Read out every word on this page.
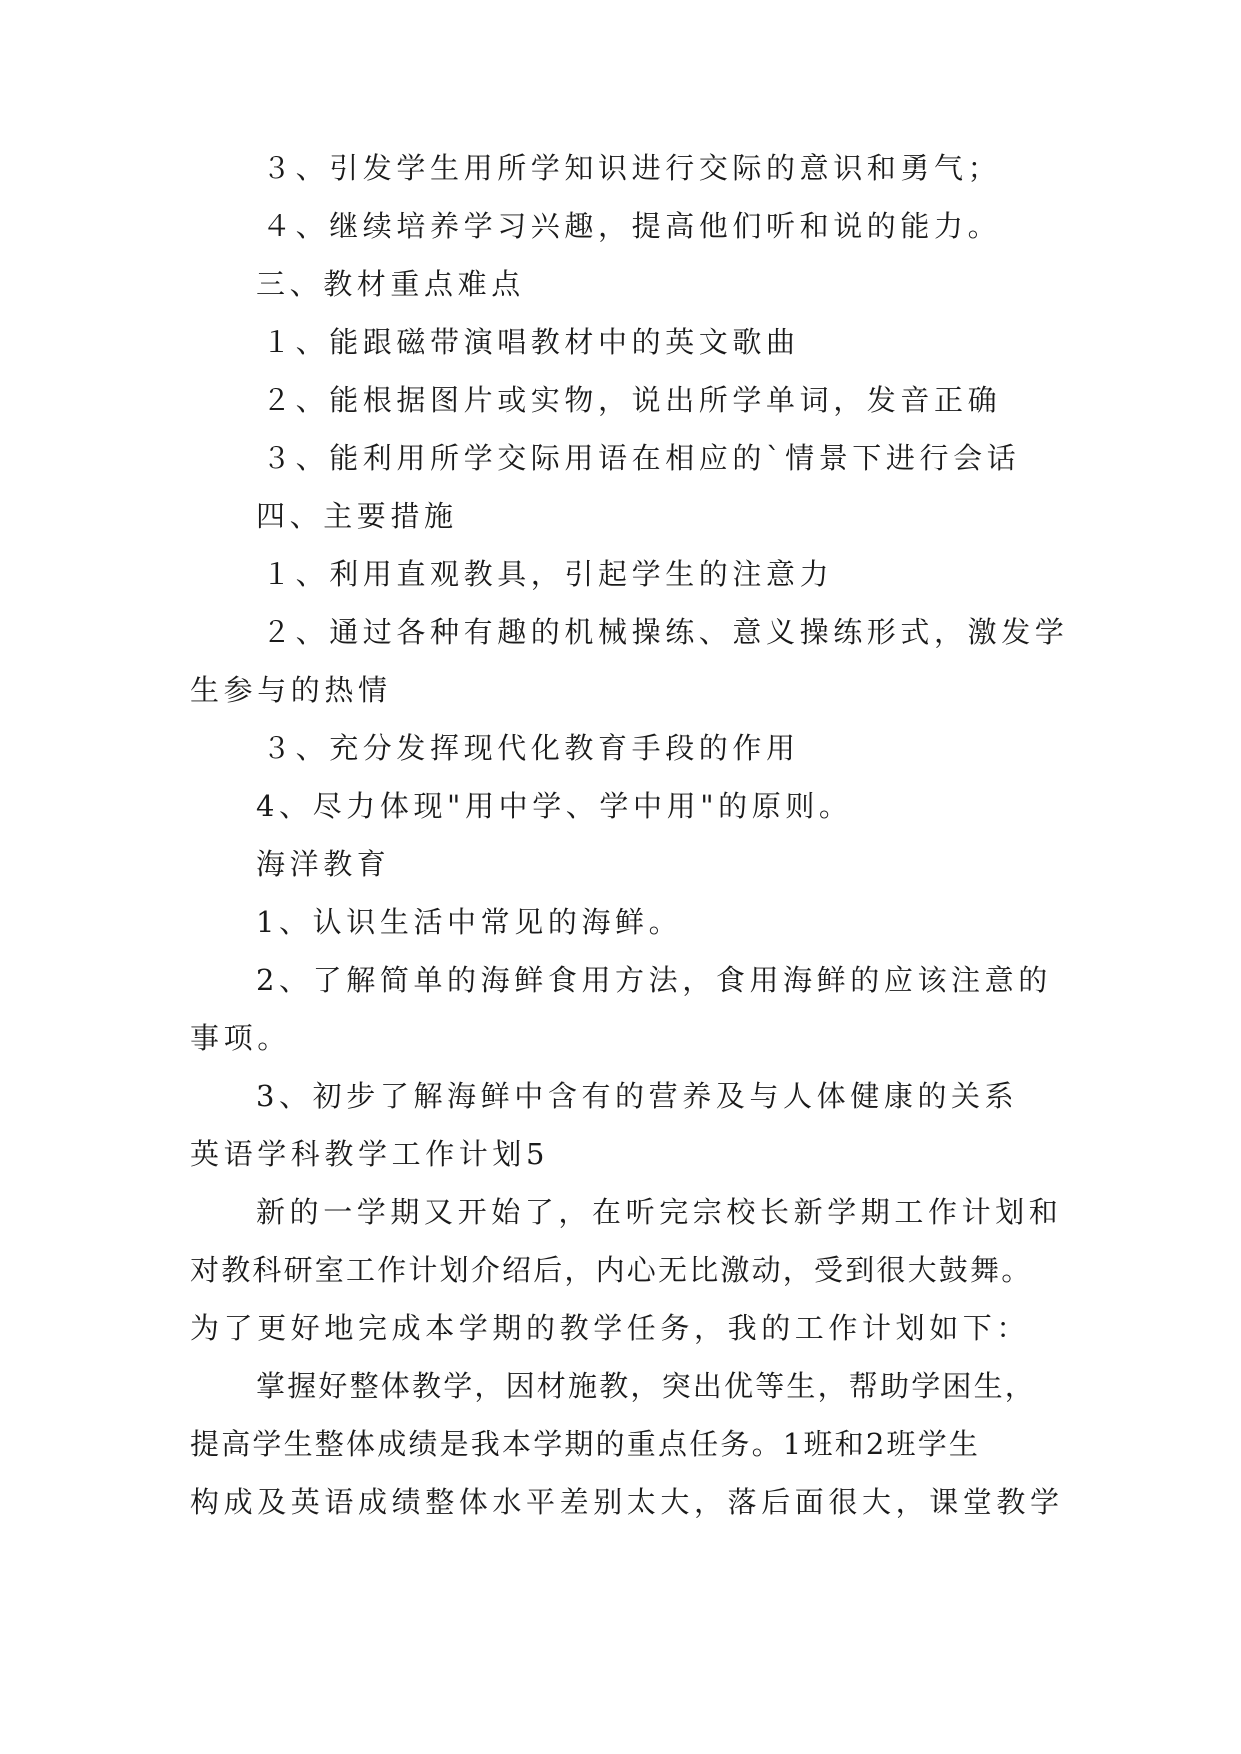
３、引发学生用所学知识进行交际的意识和勇气；
４、继续培养学习兴趣，提高他们听和说的能力。
三、教材重点难点
１、能跟磁带演唱教材中的英文歌曲
２、能根据图片或实物，说出所学单词，发音正确
３、能利用所学交际用语在相应的`情景下进行会话
四、主要措施
１、利用直观教具，引起学生的注意力
２、通过各种有趣的机械操练、意义操练形式，激发学
生参与的热情
３、充分发挥现代化教育手段的作用
4、尽力体现"用中学、学中用"的原则。
海洋教育
1、认识生活中常见的海鲜。
2、了解简单的海鲜食用方法，食用海鲜的应该注意的
事项。
3、初步了解海鲜中含有的营养及与人体健康的关系
英语学科教学工作计划5
新的一学期又开始了，在听完宗校长新学期工作计划和
对教科研室工作计划介绍后，内心无比激动，受到很大鼓舞。
为了更好地完成本学期的教学任务，我的工作计划如下：
掌握好整体教学，因材施教，突出优等生，帮助学困生，
提高学生整体成绩是我本学期的重点任务。1班和2班学生
构成及英语成绩整体水平差别太大，落后面很大，课堂教学
